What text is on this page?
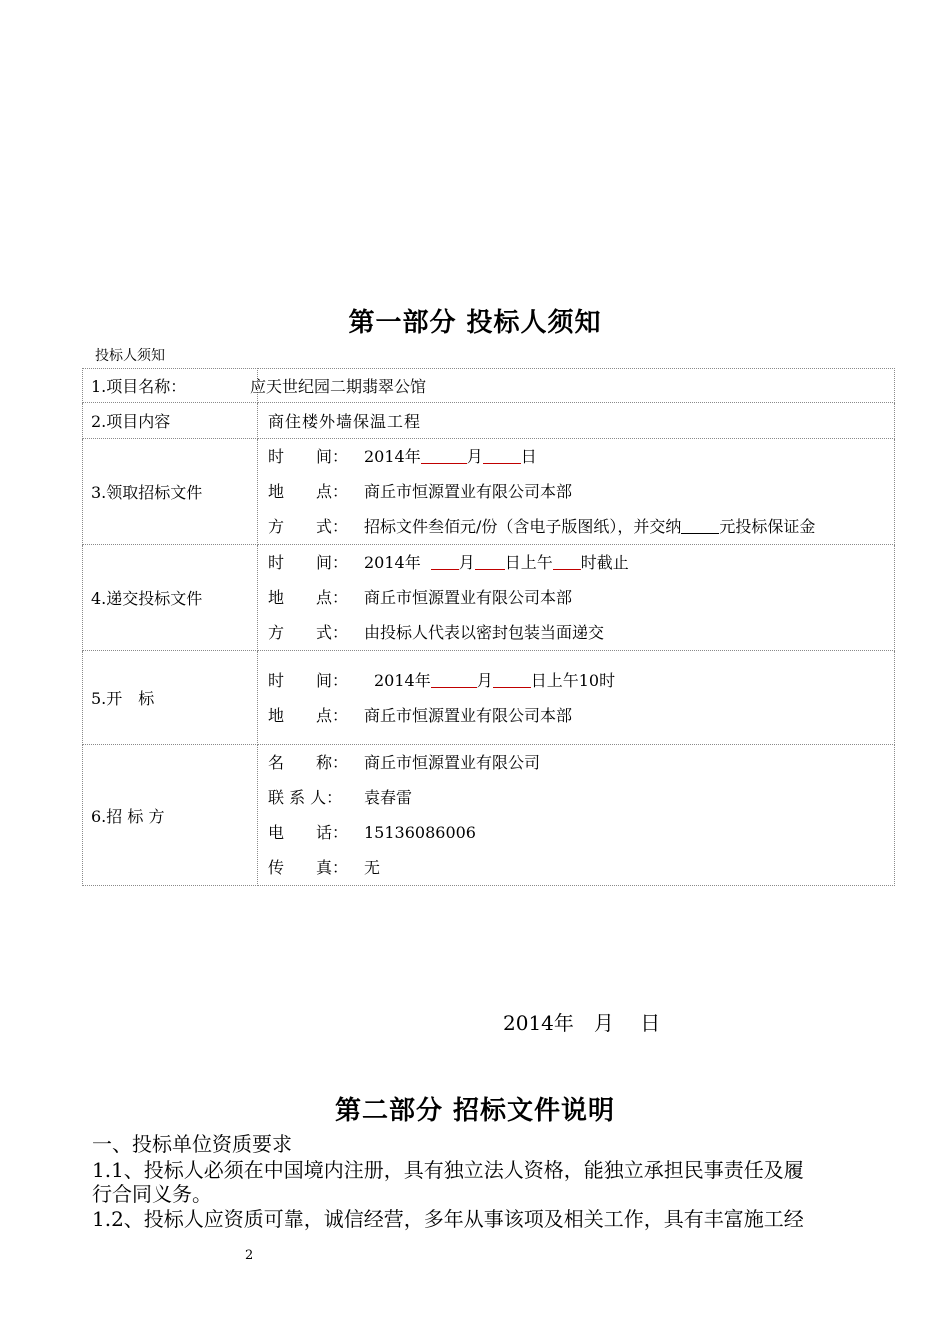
第一部分 投标人须知
投标人须知
1.项目名称：	应天世纪园二期翡翠公馆
2.项目内容	商住楼外墙保温工程
3.领取招标文件	时　　间： 2014年 月 日
地　　点： 商丘市恒源置业有限公司本部
方　　式： 招标文件叁佰元/份（含电子版图纸），并交纳 元投标保证金

4.递交投标文件	时　　间： 2014年 月 日上午 时截止
地　　点： 商丘市恒源置业有限公司本部
方　　式： 由投标人代表以密封包装当面递交

5.开　标	时　　间： 2014年 月 日上午10时
地　　点： 商丘市恒源置业有限公司本部

6.招 标 方	名　　称： 商丘市恒源置业有限公司
联 系 人： 袁春雷
电　　话： 15136086006
传　　真： 无
2014年　月　 日
第二部分 招标文件说明
一、投标单位资质要求
1.1、投标人必须在中国境内注册，具有独立法人资格，能独立承担民事责任及履
行合同义务。
1.2、投标人应资质可靠，诚信经营，多年从事该项及相关工作，具有丰富施工经
2
